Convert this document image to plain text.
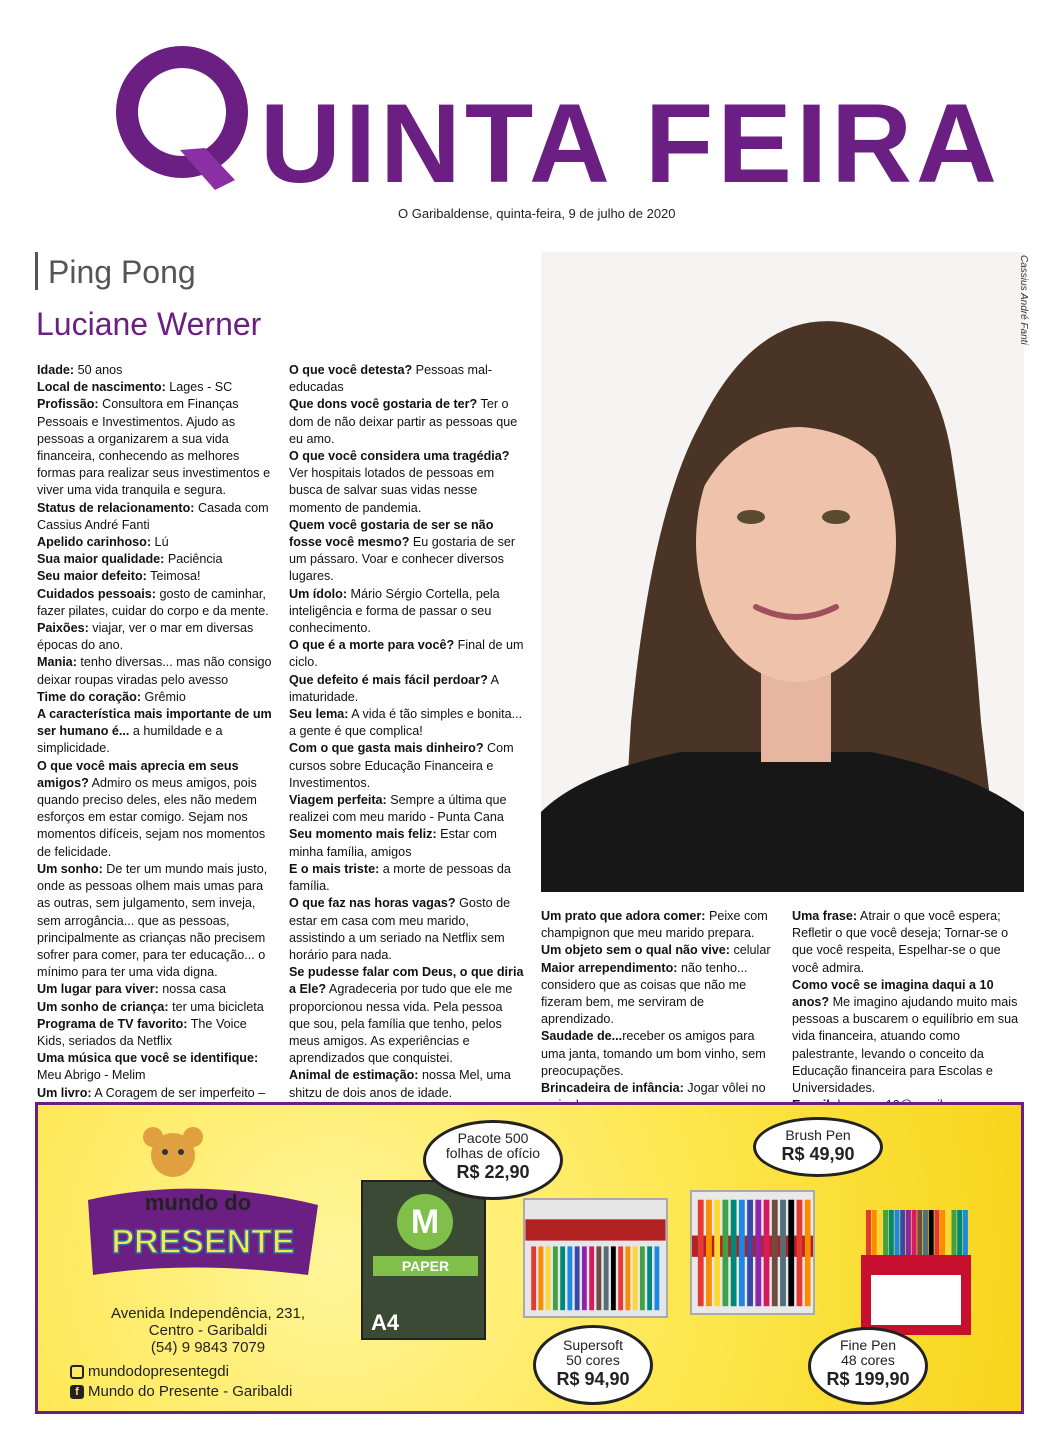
UINTA FEIRA
O Garibaldense, quinta-feira, 9 de julho de 2020
Ping Pong
Luciane Werner	Cassius André Fanti

Idade: 50 anos

Local de nascimento: Lages - SC

Profissão: Consultora em Finanças Pessoais e Investimentos. Ajudo as pessoas a organizarem a sua vida financeira, conhecendo as melhores formas para realizar seus investimentos e viver uma vida tranquila e segura.

Status de relacionamento: Casada com Cassius André Fanti

Apelido carinhoso: Lú

Sua maior qualidade: Paciência

Seu maior defeito: Teimosa!

Cuidados pessoais: gosto de caminhar, fazer pilates, cuidar do corpo e da mente.

Paixões: viajar, ver o mar em diversas épocas do ano.

Mania: tenho diversas... mas não consigo deixar roupas viradas pelo avesso

Time do coração: Grêmio

A característica mais importante de um ser humano é... a humildade e a simplicidade.

O que você mais aprecia em seus amigos? Admiro os meus amigos, pois quando preciso deles, eles não medem esforços em estar comigo. Sejam nos momentos difíceis, sejam nos momentos de felicidade.

Um sonho: De ter um mundo mais justo, onde as pessoas olhem mais umas para as outras, sem julgamento, sem inveja, sem arrogância... que as pessoas, principalmente as crianças não precisem sofrer para comer, para ter educação... o mínimo para ter uma vida digna.

Um lugar para viver: nossa casa

Um sonho de criança: ter uma bicicleta

Programa de TV favorito: The Voice Kids, seriados da Netflix

Uma música que você se identifique: Meu Abrigo - Melim

Um livro: A Coragem de ser imperfeito –

O que você detesta? Pessoas mal-educadas

Que dons você gostaria de ter? Ter o dom de não deixar partir as pessoas que eu amo.

O que você considera uma tragédia? Ver hospitais lotados de pessoas em busca de salvar suas vidas nesse momento de pandemia.

Quem você gostaria de ser se não fosse você mesmo? Eu gostaria de ser um pássaro. Voar e conhecer diversos lugares.

Um ídolo: Mário Sérgio Cortella, pela inteligência e forma de passar o seu conhecimento.

O que é a morte para você? Final de um ciclo.

Que defeito é mais fácil perdoar? A imaturidade.

Seu lema: A vida é tão simples e bonita... a gente é que complica!

Com o que gasta mais dinheiro? Com cursos sobre Educação Financeira e Investimentos.

Viagem perfeita: Sempre a última que realizei com meu marido - Punta Cana

Seu momento mais feliz: Estar com minha família, amigos

E o mais triste: a morte de pessoas da família.

O que faz nas horas vagas? Gosto de estar em casa com meu marido, assistindo a um seriado na Netflix sem horário para nada.

Se pudesse falar com Deus, o que diria a Ele? Agradeceria por tudo que ele me proporcionou nessa vida. Pela pessoa que sou, pela família que tenho, pelos meus amigos. As experiências e aprendizados que conquistei.

Animal de estimação: nossa Mel, uma shitzu de dois anos de idade.

Um prato que adora comer: Peixe com champignon que meu marido prepara.

Um objeto sem o qual não vive: celular

Maior arrependimento: não tenho... considero que as coisas que não me fizeram bem, me serviram de aprendizado.

Saudade de...receber os amigos para uma janta, tomando um bom vinho, sem preocupações.

Brincadeira de infância: Jogar vôlei no

Uma frase: Atrair o que você espera; Refletir o que você deseja; Tornar-se o que você respeita, Espelhar-se o que você admira.

Como você se imagina daqui a 10 anos? Me imagino ajudando muito mais pessoas a buscarem o equilíbrio em sua vida financeira, atuando como palestrante, levando o conceito da Educação financeira para Escolas e Universidades.

mundo do
PRESENTE
Avenida Independência, 231,
Centro - Garibaldi
(54) 9 9843 7079
mundodopresentegdi
f Mundo do Presente - Garibaldi
M
PAPER
A4
Pacote 500
folhas de ofício
R$ 22,90
Brush Pen
R$ 49,90
Supersoft
50 cores
R$ 94,90
Fine Pen
48 cores
R$ 199,90
